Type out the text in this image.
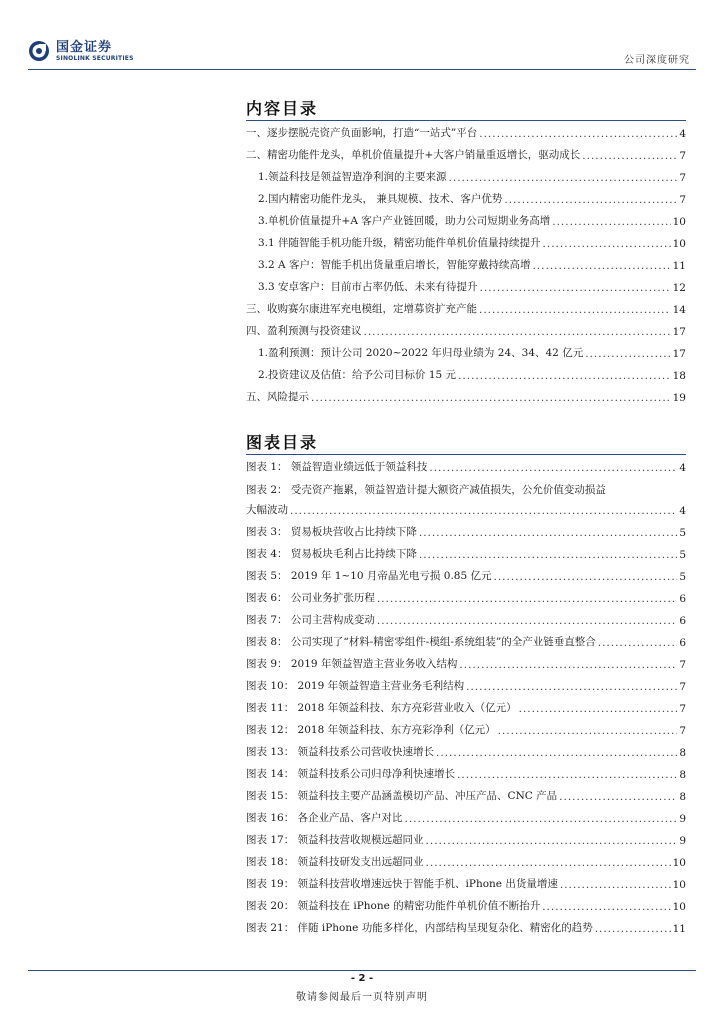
国金证券
SINOLINK SECURITIES	公司深度研究
内容目录
一、逐步摆脱壳资产负面影响，打造“一站式”平台 .....	4
二、精密功能件龙头，单机价值量提升+大客户销量重返增长，驱动成长 .....	7
1.领益科技是领益智造净利润的主要来源 .....	7
2.国内精密功能件龙头， 兼具规模、技术、客户优势 .....	7
3.单机价值量提升+A 客户产业链回暖，助力公司短期业务高增 .....	10
3.1 伴随智能手机功能升级，精密功能件单机价值量持续提升 .....	10
3.2 A 客户：智能手机出货量重启增长，智能穿戴持续高增 .....	11
3.3 安卓客户：目前市占率仍低、未来有待提升 .....	12
三、收购赛尔康进军充电模组，定增募资扩充产能 .....	14
四、盈利预测与投资建议 .....	17
1.盈利预测：预计公司 2020~2022 年归母业绩为 24、34、42 亿元 .....	17
2.投资建议及估值：给予公司目标价 15 元 .....	18
五、风险提示 .....	19
图表目录
图表 1： 领益智造业绩远低于领益科技 .....	4
图表 2： 受壳资产拖累，领益智造计提大额资产减值损失，公允价值变动损益
大幅波动 .....	4
图表 3： 贸易板块营收占比持续下降 .....	5
图表 4： 贸易板块毛利占比持续下降 .....	5
图表 5： 2019 年 1~10 月帝晶光电亏损 0.85 亿元 .....	5
图表 6： 公司业务扩张历程 .....	6
图表 7： 公司主营构成变动 .....	6
图表 8： 公司实现了“材料-精密零组件-模组-系统组装”的全产业链垂直整合 .....	6
图表 9： 2019 年领益智造主营业务收入结构 .....	7
图表 10： 2019 年领益智造主营业务毛利结构 .....	7
图表 11： 2018 年领益科技、东方亮彩营业收入（亿元） .....	7
图表 12： 2018 年领益科技、东方亮彩净利（亿元） .....	7
图表 13： 领益科技系公司营收快速增长 .....	8
图表 14： 领益科技系公司归母净利快速增长 .....	8
图表 15： 领益科技主要产品涵盖模切产品、冲压产品、CNC 产品 .....	8
图表 16： 各企业产品、客户对比 .....	9
图表 17： 领益科技营收规模远超同业 .....	9
图表 18： 领益科技研发支出远超同业 .....	10
图表 19： 领益科技营收增速远快于智能手机、iPhone 出货量增速 .....	10
图表 20： 领益科技在 iPhone 的精密功能件单机价值不断抬升 .....	10
图表 21： 伴随 iPhone 功能多样化，内部结构呈现复杂化、精密化的趋势 .....	11
- 2 -
敬请参阅最后一页特别声明
